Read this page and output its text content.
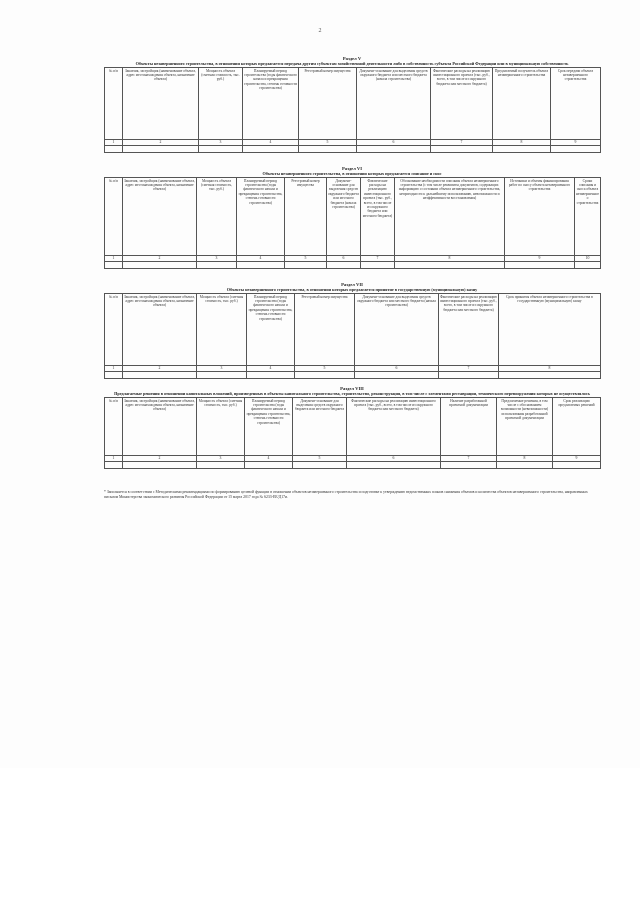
2
Раздел V
Объекты незавершенного строительства, в отношении которых предлагается передача другим субъектам хозяйственной деятельности либо в собственность субъекта Российской Федерации или в муниципальную собственность
№ п/п	Заказчик, застройщик (наименование объекта, адрес местонахождения объекта, назначение объекта)	Мощность объекта (сметная стоимость, тыс. руб.)	Планируемый период строительства (годы фактического начала и прекращения строительства, степень готовности строительства)	Реестровый номер имущества	Документ-основание для выделения средств окружного бюджета или местного бюджета (начала строительства)	Фактические расходы на реализацию инвестиционного проекта (тыс. руб., всего, в том числе из окружного бюджета или местного бюджета)	Предлагаемый получатель объекта незавершенного строительства	Срок передачи объекта незавершенного строительства
1	2	3	4	5	6	7	8	9

Раздел VI
Объекты незавершенного строительства, в отношении которых предлагается списание и снос
№ п/п	Заказчик, застройщик (наименование объекта, адрес местонахождения объекта, назначение объекта)	Мощность объекта (сметная стоимость, тыс. руб.)	Планируемый период строительства (годы фактического начала и прекращения строительства, степень готовности строительства)	Реестровый номер имущества	Документ-основание для выделения средств окружного бюджета или местного бюджета (начала строительства)	Фактические расходы на реализацию инвестиционного проекта (тыс. руб., всего, в том числе из окружного бюджета или местного бюджета)	Обоснование необходимости списания объекта незавершенного строительства (с том числе реквизиты документов, содержащих информацию о состоянии объекта незавершенного строительства, непригодности к дальнейшему использованию, невозможности и неэффективности восстановления)	Источники и объемы финансирования работ по сносу объекта незавершенного строительства	Сроки списания и сноса объекта незавершенного строительства
1	2	3	4	5	6	7	8	9	10

Раздел VII
Объекты незавершенного строительства, в отношении которых предлагается принятие в государственную (муниципальную) казну
№ п/п	Заказчик, застройщик (наименование объекта, адрес местонахождения объекта, назначение объекта)	Мощность объекта (сметная стоимость, тыс. руб.)	Планируемый период строительства (годы фактического начала и прекращения строительства, степень готовности строительства)	Реестровый номер имущества	Документ-основание для выделения средств окружного бюджета или местного бюджета (начала строительства)	Фактические расходы на реализацию инвестиционного проекта (тыс. руб., всего, в том числе из окружного бюджета или местного бюджета)	Срок принятия объекта незавершенного строительства в государственную (муниципальную) казну
1	2	3	4	5	6	7	8

Раздел VIII
Предлагаемые решения в отношении капитальных вложений, произведенных в объекты капитального строительства, строительство, реконструкция, в том числе с элементами реставрации, технического перевооружения которых не осуществлялось
№ п/п	Заказчик, застройщик (наименование объекта, адрес местонахождения объекта, назначение объекта)	Мощность объекта (сметная стоимость, тыс. руб.)	Планируемый период строительства (годы фактического начала и прекращения строительства, степень готовности строительства)	Документ-основание для выделения средств окружного бюджета или местного бюджета	Фактические расходы на реализацию инвестиционного проекта (тыс. руб., всего, в том числе из окружного бюджета или местного бюджета)	Наличие разработанной проектной документации	Предлагаемые решения, в том числе с обоснованием возможности (невозможности) использования разработанной проектной документации	Срок реализации предлагаемых решений
1	2	3	4	5	6	7	8	9

* Заполняется в соответствии с Методическими рекомендациями по формированию целевой функции в отношении объектов незавершенного строительства и подготовке к утверждению ведомственных планов снижения объемов и количества объектов незавершенного строительства, направленных письмом Министерства экономического развития Российской Федерации от 15 марта 2017 года № 6233-ЕЕ/Д17и.
